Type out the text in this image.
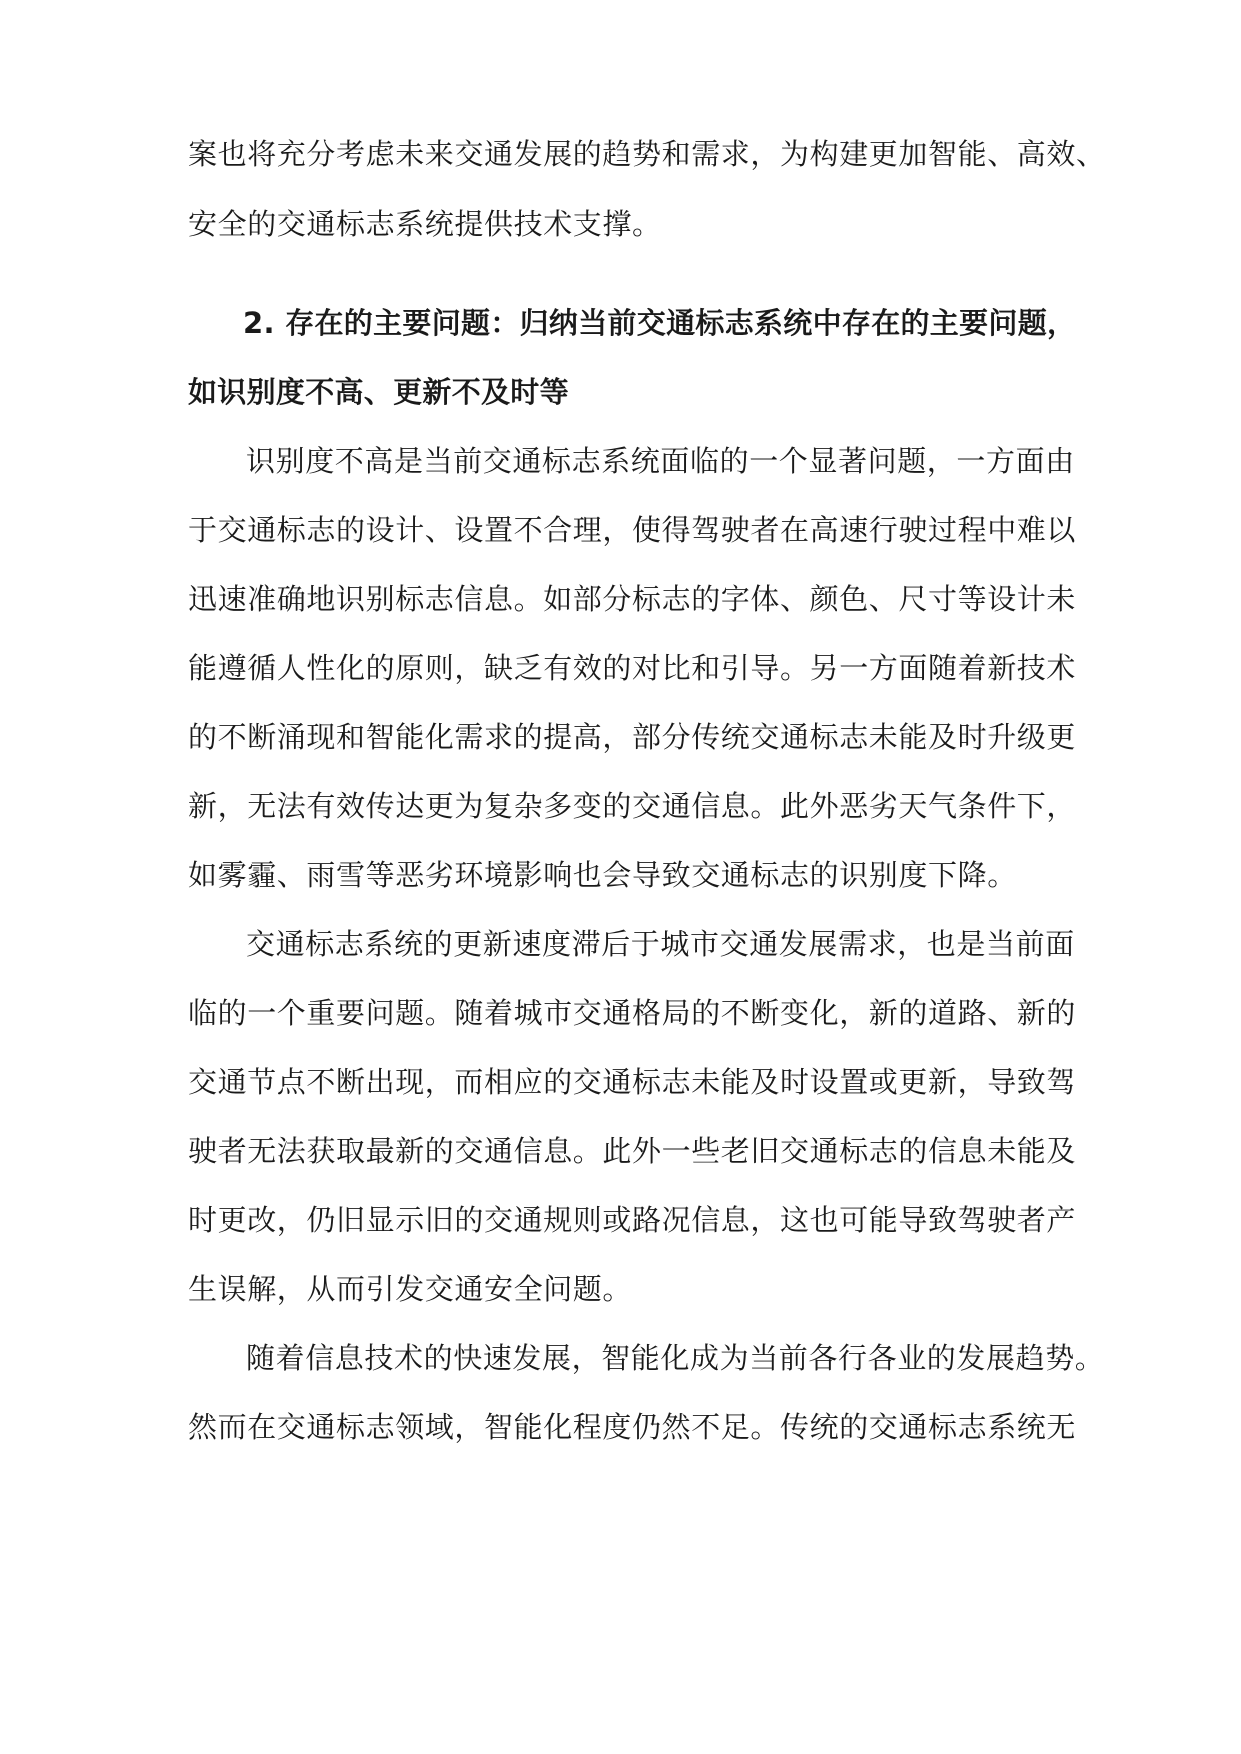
案也将充分考虑未来交通发展的趋势和需求，为构建更加智能、高效、
安全的交通标志系统提供技术支撑。
2. 存在的主要问题：归纳当前交通标志系统中存在的主要问题，
如识别度不高、更新不及时等
识别度不高是当前交通标志系统面临的一个显著问题，一方面由
于交通标志的设计、设置不合理，使得驾驶者在高速行驶过程中难以
迅速准确地识别标志信息。如部分标志的字体、颜色、尺寸等设计未
能遵循人性化的原则，缺乏有效的对比和引导。另一方面随着新技术
的不断涌现和智能化需求的提高，部分传统交通标志未能及时升级更
新，无法有效传达更为复杂多变的交通信息。此外恶劣天气条件下，
如雾霾、雨雪等恶劣环境影响也会导致交通标志的识别度下降。
交通标志系统的更新速度滞后于城市交通发展需求，也是当前面
临的一个重要问题。随着城市交通格局的不断变化，新的道路、新的
交通节点不断出现，而相应的交通标志未能及时设置或更新，导致驾
驶者无法获取最新的交通信息。此外一些老旧交通标志的信息未能及
时更改，仍旧显示旧的交通规则或路况信息，这也可能导致驾驶者产
生误解，从而引发交通安全问题。
随着信息技术的快速发展，智能化成为当前各行各业的发展趋势。
然而在交通标志领域，智能化程度仍然不足。传统的交通标志系统无
